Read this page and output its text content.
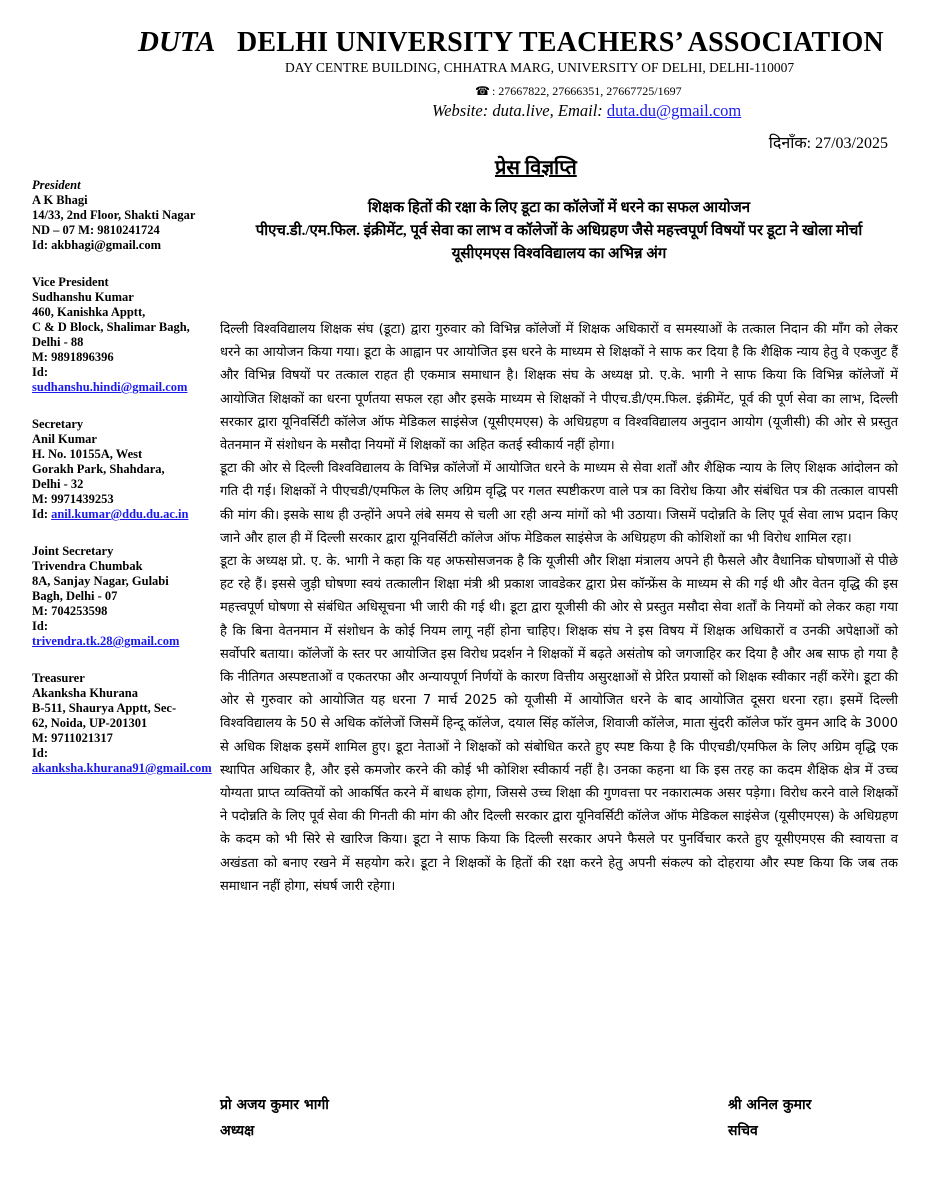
DUTA DELHI UNIVERSITY TEACHERS’ ASSOCIATION
DAY CENTRE BUILDING, CHHATRA MARG, UNIVERSITY OF DELHI, DELHI-110007
☎ : 27667822, 27666351, 27667725/1697
Website: duta.live, Email: duta.du@gmail.com
दिनाँक: 27/03/2025
प्रेस विज्ञप्ति
President
A K Bhagi
14/33, 2nd Floor, Shakti Nagar
ND – 07 M: 9810241724
Id: akbhagi@gmail.com
Vice President
Sudhanshu Kumar
460, Kanishka Apptt,
C & D Block, Shalimar Bagh,
Delhi - 88
M: 9891896396
Id:
sudhanshu.hindi@gmail.com
Secretary
Anil Kumar
H. No. 10155A, West
Gorakh Park, Shahdara,
Delhi - 32
M: 9971439253
Id: anil.kumar@ddu.du.ac.in
Joint Secretary
Trivendra Chumbak
8A, Sanjay Nagar, Gulabi
Bagh, Delhi - 07
M: 704253598
Id:
trivendra.tk.28@gmail.com
Treasurer
Akanksha Khurana
B-511, Shaurya Apptt, Sec-
62, Noida, UP-201301
M: 9711021317
Id:
akanksha.khurana91@gmail.com
शिक्षक हितों की रक्षा के लिए डूटा का कॉलेजों में धरने का सफल आयोजन
पीएच.डी./एम.फिल. इंक्रीमेंट, पूर्व सेवा का लाभ व कॉलेजों के अधिग्रहण जैसे महत्त्वपूर्ण विषयों पर डूटा ने खोला मोर्चा
यूसीएमएस विश्वविद्यालय का अभिन्न अंग

दिल्ली विश्वविद्यालय शिक्षक संघ (डूटा) द्वारा गुरुवार को विभिन्न कॉलेजों में शिक्षक अधिकारों व समस्याओं के तत्काल निदान की माँग को लेकर धरने का आयोजन किया गया। डूटा के आह्वान पर आयोजित इस धरने के माध्यम से शिक्षकों ने साफ कर दिया है कि शैक्षिक न्याय हेतु वे एकजुट हैं और विभिन्न विषयों पर तत्काल राहत ही एकमात्र समाधान है। शिक्षक संघ के अध्यक्ष प्रो. ए.के. भागी ने साफ किया कि विभिन्न कॉलेजों में आयोजित शिक्षकों का धरना पूर्णतया सफल रहा और इसके माध्यम से शिक्षकों ने पीएच.डी/एम.फिल. इंक्रीमेंट, पूर्व की पूर्ण सेवा का लाभ, दिल्ली सरकार द्वारा यूनिवर्सिटी कॉलेज ऑफ मेडिकल साइंसेज (यूसीएमएस) के अधिग्रहण व विश्वविद्यालय अनुदान आयोग (यूजीसी) की ओर से प्रस्तुत वेतनमान में संशोधन के मसौदा नियमों में शिक्षकों का अहित कतई स्वीकार्य नहीं होगा।

डूटा की ओर से दिल्ली विश्वविद्यालय के विभिन्न कॉलेजों में आयोजित धरने के माध्यम से सेवा शर्तों और शैक्षिक न्याय के लिए शिक्षक आंदोलन को गति दी गई। शिक्षकों ने पीएचडी/एमफिल के लिए अग्रिम वृद्धि पर गलत स्पष्टीकरण वाले पत्र का विरोध किया और संबंधित पत्र की तत्काल वापसी की मांग की। इसके साथ ही उन्होंने अपने लंबे समय से चली आ रही अन्य मांगों को भी उठाया। जिसमें पदोन्नति के लिए पूर्व सेवा लाभ प्रदान किए जाने और हाल ही में दिल्ली सरकार द्वारा यूनिवर्सिटी कॉलेज ऑफ मेडिकल साइंसेज के अधिग्रहण की कोशिशों का भी विरोध शामिल रहा।

डूटा के अध्यक्ष प्रो. ए. के. भागी ने कहा कि यह अफसोसजनक है कि यूजीसी और शिक्षा मंत्रालय अपने ही फैसले और वैधानिक घोषणाओं से पीछे हट रहे हैं। इससे जुड़ी घोषणा स्वयं तत्कालीन शिक्षा मंत्री श्री प्रकाश जावडेकर द्वारा प्रेस कॉन्फ्रेंस के माध्यम से की गई थी और वेतन वृद्धि की इस महत्त्वपूर्ण घोषणा से संबंधित अधिसूचना भी जारी की गई थी। डूटा द्वारा यूजीसी की ओर से प्रस्तुत मसौदा सेवा शर्तों के नियमों को लेकर कहा गया है कि बिना वेतनमान में संशोधन के कोई नियम लागू नहीं होना चाहिए। शिक्षक संघ ने इस विषय में शिक्षक अधिकारों व उनकी अपेक्षाओं को सर्वोपरि बताया। कॉलेजों के स्तर पर आयोजित इस विरोध प्रदर्शन ने शिक्षकों में बढ़ते असंतोष को जगजाहिर कर दिया है और अब साफ हो गया है कि नीतिगत अस्पष्टताओं व एकतरफा और अन्यायपूर्ण निर्णयों के कारण वित्तीय असुरक्षाओं से प्रेरित प्रयासों को शिक्षक स्वीकार नहीं करेंगे। डूटा की ओर से गुरुवार को आयोजित यह धरना 7 मार्च 2025 को यूजीसी में आयोजित धरने के बाद आयोजित दूसरा धरना रहा। इसमें दिल्ली विश्वविद्यालय के 50 से अधिक कॉलेजों जिसमें हिन्दू कॉलेज, दयाल सिंह कॉलेज, शिवाजी कॉलेज, माता सुंदरी कॉलेज फॉर वुमन आदि के 3000 से अधिक शिक्षक इसमें शामिल हुए। डूटा नेताओं ने शिक्षकों को संबोधित करते हुए स्पष्ट किया है कि पीएचडी/एमफिल के लिए अग्रिम वृद्धि एक स्थापित अधिकार है, और इसे कमजोर करने की कोई भी कोशिश स्वीकार्य नहीं है। उनका कहना था कि इस तरह का कदम शैक्षिक क्षेत्र में उच्च योग्यता प्राप्त व्यक्तियों को आकर्षित करने में बाधक होगा, जिससे उच्च शिक्षा की गुणवत्ता पर नकारात्मक असर पड़ेगा। विरोध करने वाले शिक्षकों ने पदोन्नति के लिए पूर्व सेवा की गिनती की मांग की और दिल्ली सरकार द्वारा यूनिवर्सिटी कॉलेज ऑफ मेडिकल साइंसेज (यूसीएमएस) के अधिग्रहण के कदम को भी सिरे से खारिज किया। डूटा ने साफ किया कि दिल्ली सरकार अपने फैसले पर पुनर्विचार करते हुए यूसीएमएस की स्वायत्ता व अखंडता को बनाए रखने में सहयोग करे। डूटा ने शिक्षकों के हितों की रक्षा करने हेतु अपनी संकल्प को दोहराया और स्पष्ट किया कि जब तक समाधान नहीं होगा, संघर्ष जारी रहेगा।

प्रो अजय कुमार भागी
अध्यक्ष
श्री अनिल कुमार
सचिव
